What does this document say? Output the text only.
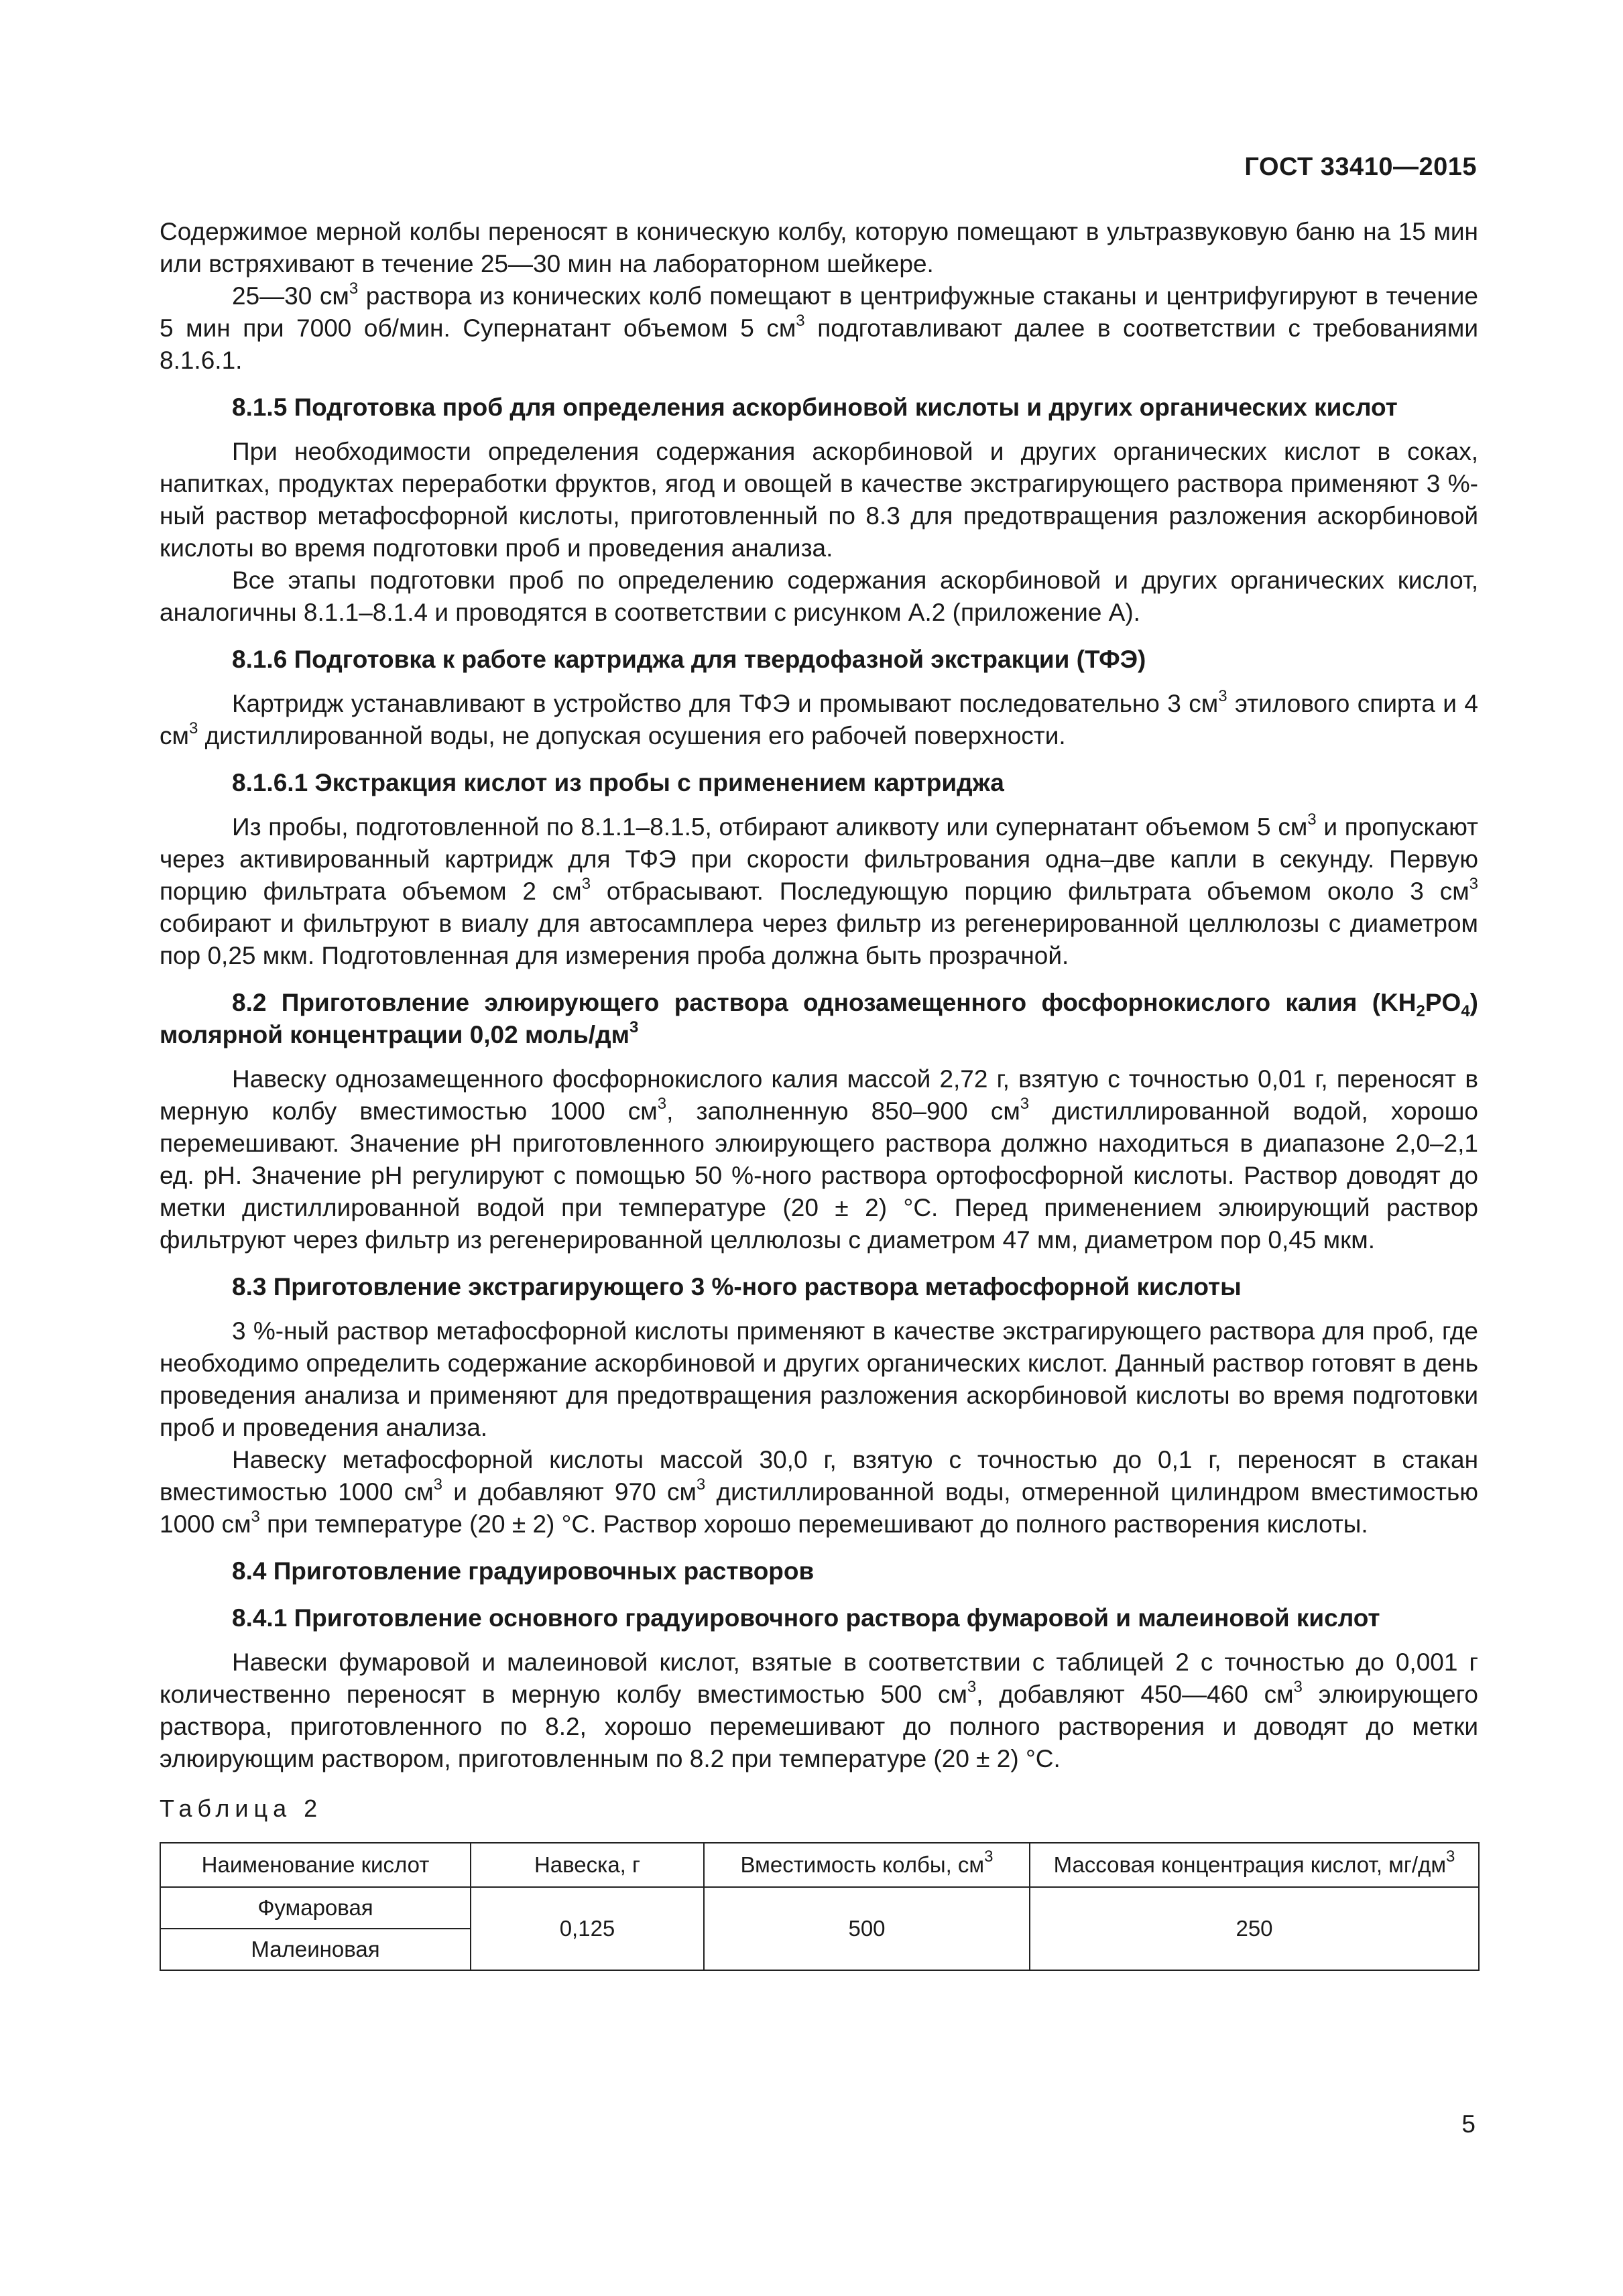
ГОСТ 33410—2015

Содержимое мерной колбы переносят в коническую колбу, которую помещают в ультразвуковую баню на 15 мин или встряхивают в течение 25—30 мин на лабораторном шейкере.

25—30 $см^3$ раствора из конических колб помещают в центрифужные стаканы и центрифугируют в течение 5 мин при 7000 об/мин. Супернатант объемом 5 $см^3$ подготавливают далее в соответствии с требованиями 8.1.6.1.

8.1.5 Подготовка проб для определения аскорбиновой кислоты и других органических кислот

При необходимости определения содержания аскорбиновой и других органических кислот в соках, напитках, продуктах переработки фруктов, ягод и овощей в качестве экстрагирующего раствора применяют 3 %-ный раствор метафосфорной кислоты, приготовленный по 8.3 для предотвращения разложения аскорбиновой кислоты во время подготовки проб и проведения анализа.

Все этапы подготовки проб по определению содержания аскорбиновой и других органических кислот, аналогичны 8.1.1–8.1.4 и проводятся в соответствии с рисунком А.2 (приложение А).

8.1.6 Подготовка к работе картриджа для твердофазной экстракции (ТФЭ)

Картридж устанавливают в устройство для ТФЭ и промывают последовательно 3 $см^3$ этилового спирта и 4 $см^3$ дистиллированной воды, не допуская осушения его рабочей поверхности.

8.1.6.1 Экстракция кислот из пробы с применением картриджа

Из пробы, подготовленной по 8.1.1–8.1.5, отбирают аликвоту или супернатант объемом 5 $см^3$ и пропускают через активированный картридж для ТФЭ при скорости фильтрования одна–две капли в секунду. Первую порцию фильтрата объемом 2 $см^3$ отбрасывают. Последующую порцию фильтрата объемом около 3 $см^3$ собирают и фильтруют в виалу для автосамплера через фильтр из регенерированной целлюлозы с диаметром пор 0,25 мкм. Подготовленная для измерения проба должна быть прозрачной.

8.2 Приготовление элюирующего раствора однозамещенного фосфорнокислого калия $(KH_2PO_4)$ молярной концентрации 0,02 моль/$дм^3$

Навеску однозамещенного фосфорнокислого калия массой 2,72 г, взятую с точностью 0,01 г, переносят в мерную колбу вместимостью 1000 $см^3$, заполненную 850–900 $см^3$ дистиллированной водой, хорошо перемешивают. Значение pH приготовленного элюирующего раствора должно находиться в диапазоне 2,0–2,1 ед. pH. Значение pH регулируют с помощью 50 %-ного раствора ортофосфорной кислоты. Раствор доводят до метки дистиллированной водой при температуре (20 ± 2) °С. Перед применением элюирующий раствор фильтруют через фильтр из регенерированной целлюлозы с диаметром 47 мм, диаметром пор 0,45 мкм.

8.3 Приготовление экстрагирующего 3 %-ного раствора метафосфорной кислоты

3 %-ный раствор метафосфорной кислоты применяют в качестве экстрагирующего раствора для проб, где необходимо определить содержание аскорбиновой и других органических кислот. Данный раствор готовят в день проведения анализа и применяют для предотвращения разложения аскорбиновой кислоты во время подготовки проб и проведения анализа.

Навеску метафосфорной кислоты массой 30,0 г, взятую с точностью до 0,1 г, переносят в стакан вместимостью 1000 $см^3$ и добавляют 970 $см^3$ дистиллированной воды, отмеренной цилиндром вместимостью 1000 $см^3$ при температуре (20 ± 2) °С. Раствор хорошо перемешивают до полного растворения кислоты.

8.4 Приготовление градуировочных растворов
8.4.1 Приготовление основного градуировочного раствора фумаровой и малеиновой кислот

Навески фумаровой и малеиновой кислот, взятые в соответствии с таблицей 2 с точностью до 0,001 г количественно переносят в мерную колбу вместимостью 500 $см^3$, добавляют 450—460 $см^3$ элюирующего раствора, приготовленного по 8.2, хорошо перемешивают до полного растворения и доводят до метки элюирующим раствором, приготовленным по 8.2 при температуре (20 ± 2) °С.

Таблица 2
Наименование кислот	Навеска, г	Вместимость колбы, $см^3$	Массовая концентрация кислот, $мг/дм^3$
Фумаровая	0,125	500	250
Малеиновая			
5
